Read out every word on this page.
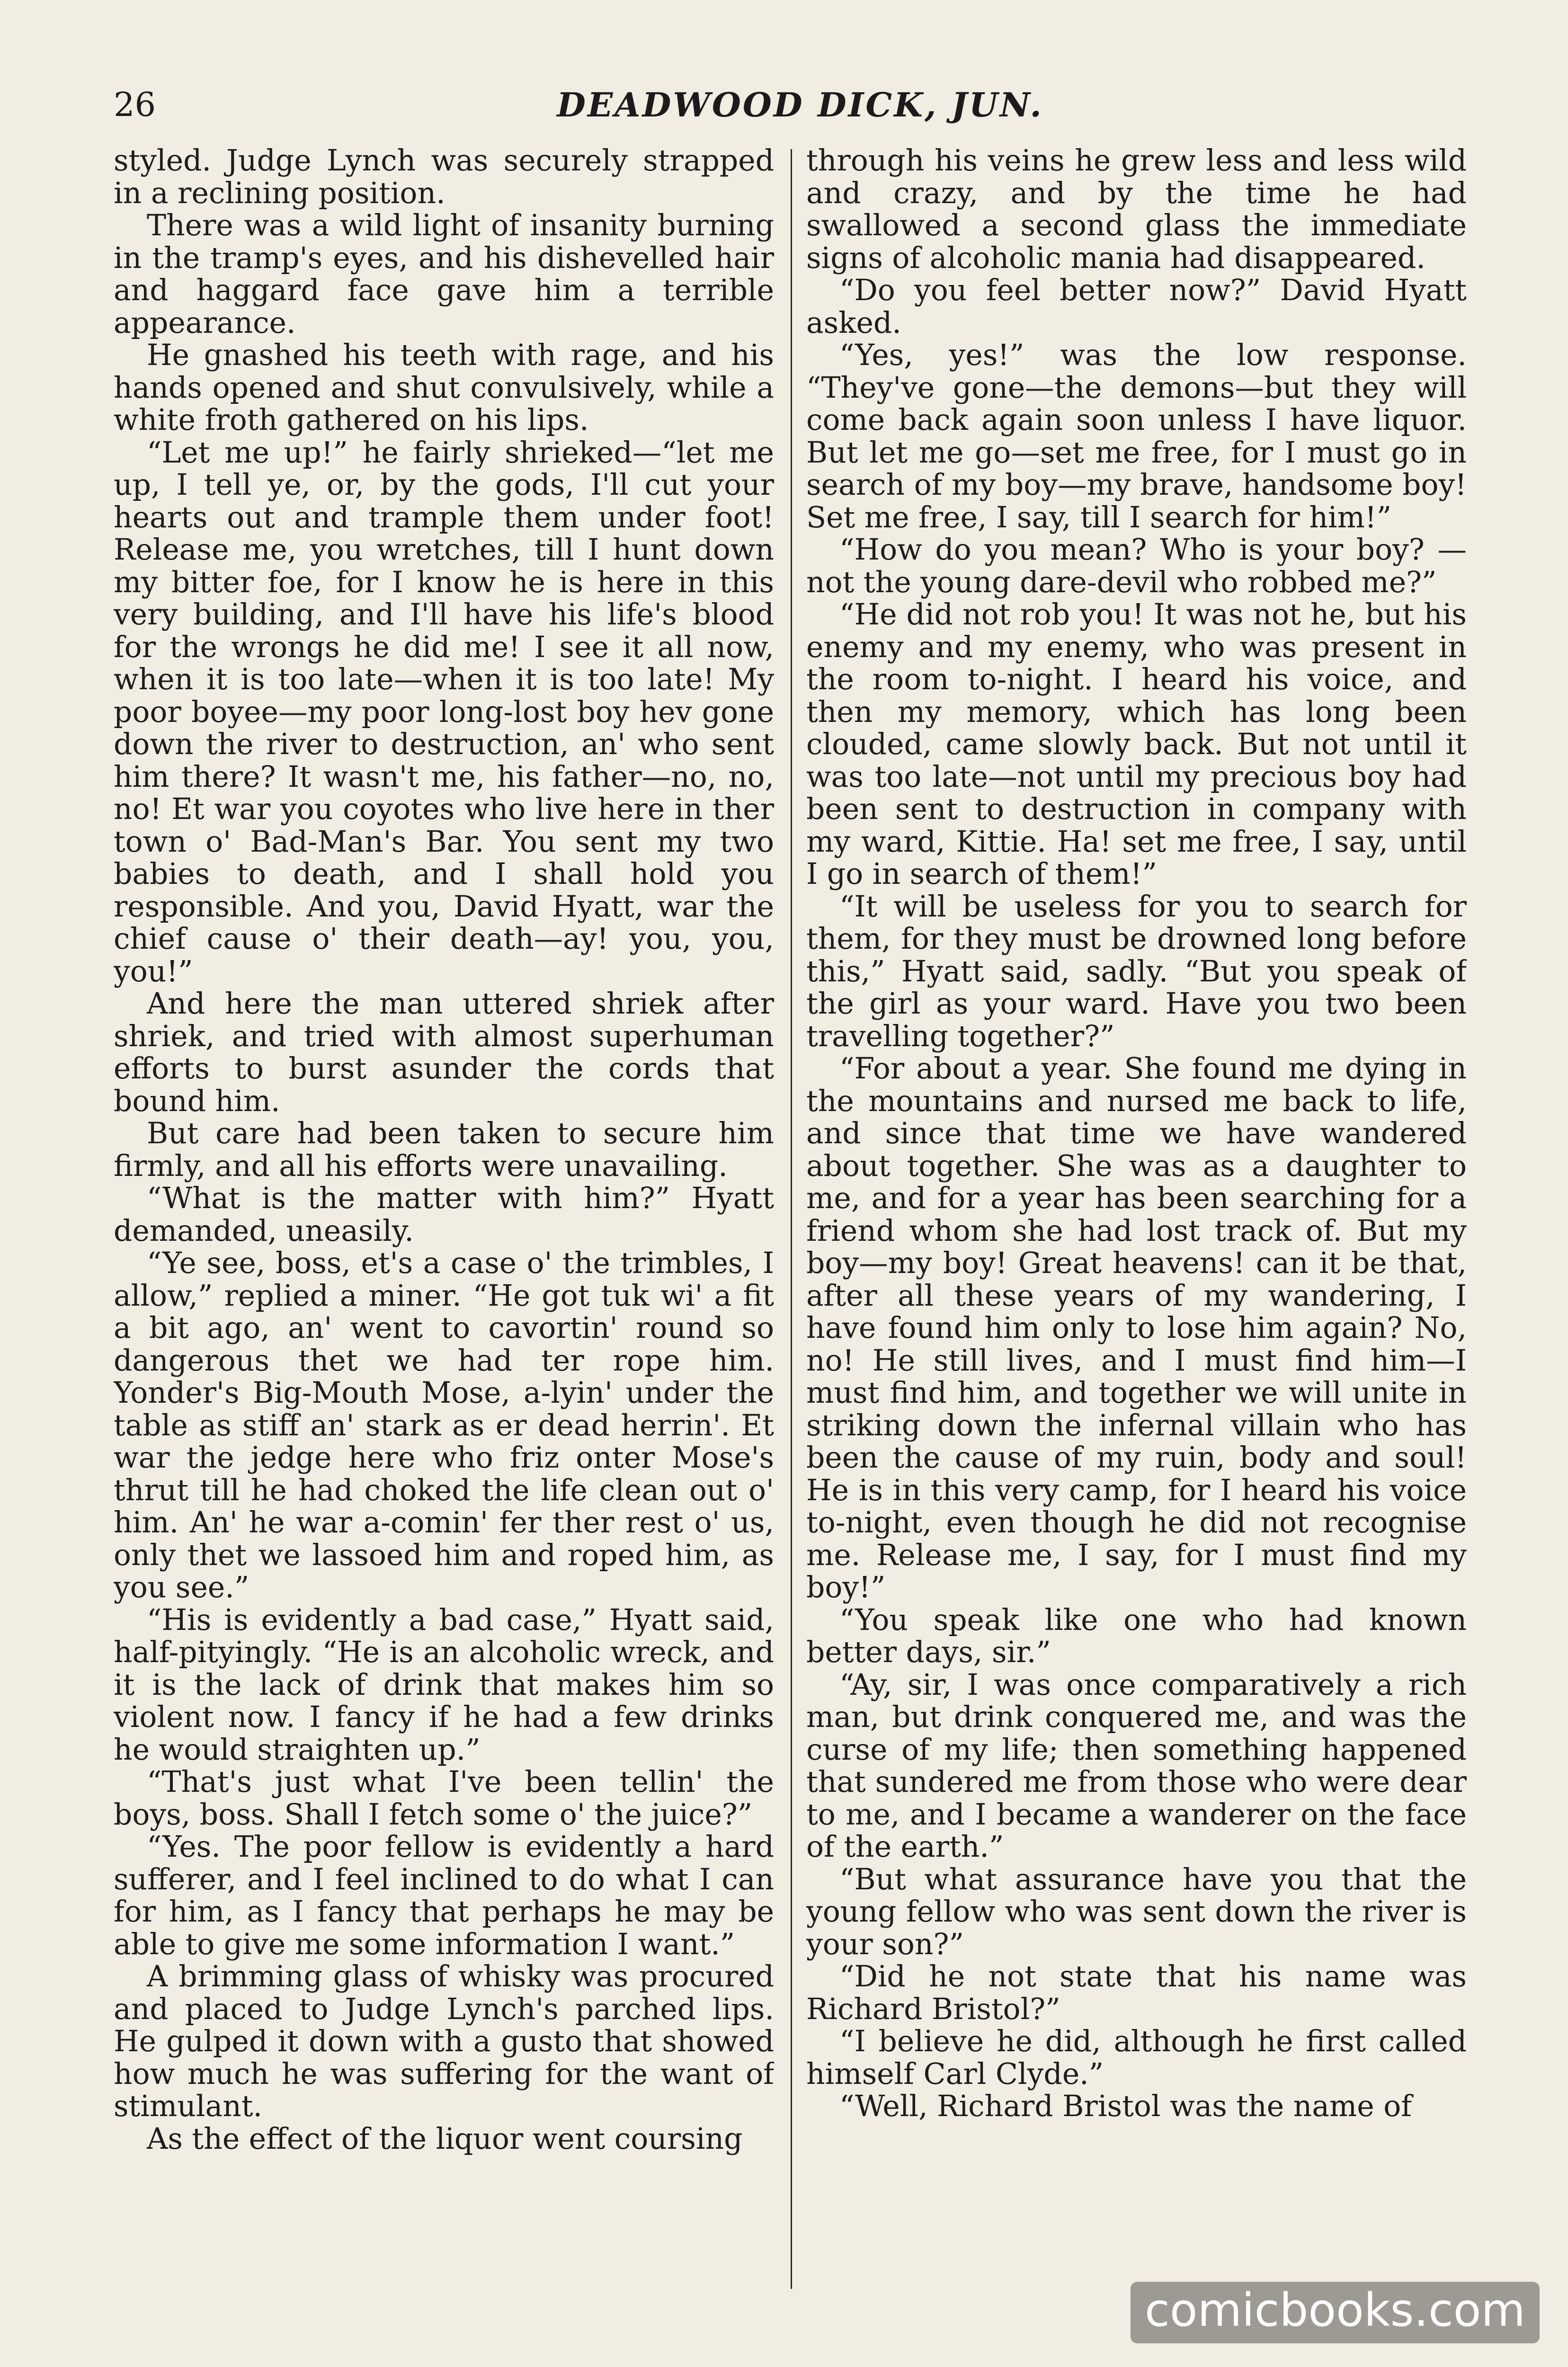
26	DEADWOOD DICK, JUN.

styled. Judge Lynch was securely strapped in a reclining position.

There was a wild light of insanity burning in the tramp's eyes, and his dishevelled hair and haggard face gave him a terrible appearance.

He gnashed his teeth with rage, and his hands opened and shut convulsively, while a white froth gathered on his lips.

“Let me up!” he fairly shrieked—“let me up, I tell ye, or, by the gods, I'll cut your hearts out and trample them under foot! Release me, you wretches, till I hunt down my bitter foe, for I know he is here in this very building, and I'll have his life's blood for the wrongs he did me! I see it all now, when it is too late—when it is too late! My poor boyee—my poor long-lost boy hev gone down the river to destruction, an' who sent him there? It wasn't me, his father—no, no, no! Et war you coyotes who live here in ther town o' Bad-Man's Bar. You sent my two babies to death, and I shall hold you responsible. And you, David Hyatt, war the chief cause o' their death—ay! you, you, you!”

And here the man uttered shriek after shriek, and tried with almost superhuman efforts to burst asunder the cords that bound him.

But care had been taken to secure him firmly, and all his efforts were unavailing.

“What is the matter with him?” Hyatt demanded, uneasily.

“Ye see, boss, et's a case o' the trimbles, I allow,” replied a miner. “He got tuk wi' a fit a bit ago, an' went to cavortin' round so dangerous thet we had ter rope him. Yonder's Big-Mouth Mose, a-lyin' under the table as stiff an' stark as er dead herrin'. Et war the jedge here who friz onter Mose's thrut till he had choked the life clean out o' him. An' he war a-comin' fer ther rest o' us, only thet we lassoed him and roped him, as you see.”

“His is evidently a bad case,” Hyatt said, half-pityingly. “He is an alcoholic wreck, and it is the lack of drink that makes him so violent now. I fancy if he had a few drinks he would straighten up.”

“That's just what I've been tellin' the boys, boss. Shall I fetch some o' the juice?”

“Yes. The poor fellow is evidently a hard sufferer, and I feel inclined to do what I can for him, as I fancy that perhaps he may be able to give me some information I want.”

A brimming glass of whisky was procured and placed to Judge Lynch's parched lips. He gulped it down with a gusto that showed how much he was suffering for the want of stimulant.

As the effect of the liquor went coursing

through his veins he grew less and less wild and crazy, and by the time he had swallowed a second glass the immediate signs of alcoholic mania had disappeared.

“Do you feel better now?” David Hyatt asked.

“Yes, yes!” was the low response. “They've gone—the demons—but they will come back again soon unless I have liquor. But let me go—set me free, for I must go in search of my boy—my brave, handsome boy! Set me free, I say, till I search for him!”

“How do you mean? Who is your boy? —not the young dare-devil who robbed me?”

“He did not rob you! It was not he, but his enemy and my enemy, who was present in the room to-night. I heard his voice, and then my memory, which has long been clouded, came slowly back. But not until it was too late—not until my precious boy had been sent to destruction in company with my ward, Kittie. Ha! set me free, I say, until I go in search of them!”

“It will be useless for you to search for them, for they must be drowned long before this,” Hyatt said, sadly. “But you speak of the girl as your ward. Have you two been travelling together?”

“For about a year. She found me dying in the mountains and nursed me back to life, and since that time we have wandered about together. She was as a daughter to me, and for a year has been searching for a friend whom she had lost track of. But my boy—my boy! Great heavens! can it be that, after all these years of my wandering, I have found him only to lose him again? No, no! He still lives, and I must find him—I must find him, and together we will unite in striking down the infernal villain who has been the cause of my ruin, body and soul! He is in this very camp, for I heard his voice to-night, even though he did not recognise me. Release me, I say, for I must find my boy!”

“You speak like one who had known better days, sir.”

“Ay, sir, I was once comparatively a rich man, but drink conquered me, and was the curse of my life; then something happened that sundered me from those who were dear to me, and I became a wanderer on the face of the earth.”

“But what assurance have you that the young fellow who was sent down the river is your son?”

“Did he not state that his name was Richard Bristol?”

“I believe he did, although he first called himself Carl Clyde.”

“Well, Richard Bristol was the name of

comicbooks.com
